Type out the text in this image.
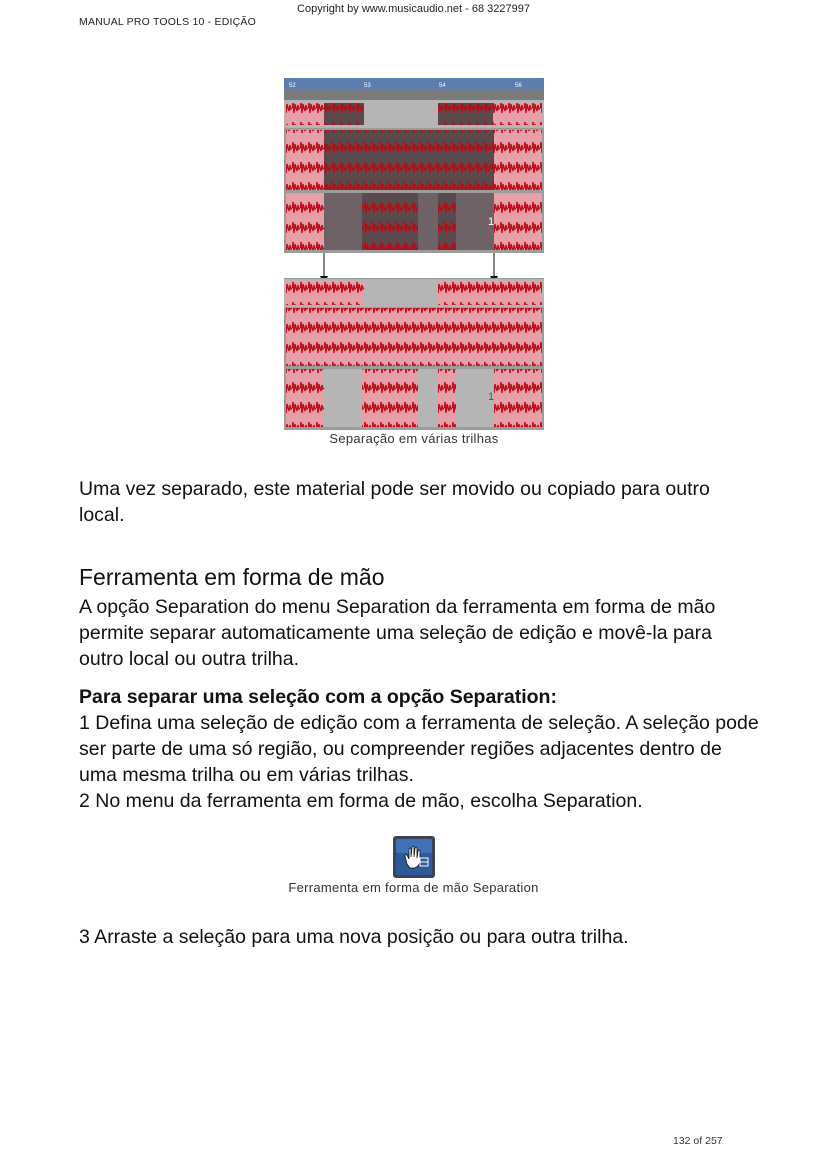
Copyright by www.musicaudio.net - 68 3227997
MANUAL PRO TOOLS 10 - EDIÇÃO
52	53	54	56
1
1
Separação em várias trilhas
Uma vez separado, este material pode ser movido ou copiado para outro local.
Ferramenta em forma de mão
A opção Separation do menu Separation da ferramenta em forma de mão permite separar automaticamente uma seleção de edição e movê-la para outro local ou outra trilha.
Para separar uma seleção com a opção Separation:
1 Defina uma seleção de edição com a ferramenta de seleção. A seleção pode ser parte de uma só região, ou compreender regiões adjacentes dentro de uma mesma trilha ou em várias trilhas.
2 No menu da ferramenta em forma de mão, escolha Separation.
Ferramenta em forma de mão Separation
3 Arraste a seleção para uma nova posição ou para outra trilha.
132 of 257
